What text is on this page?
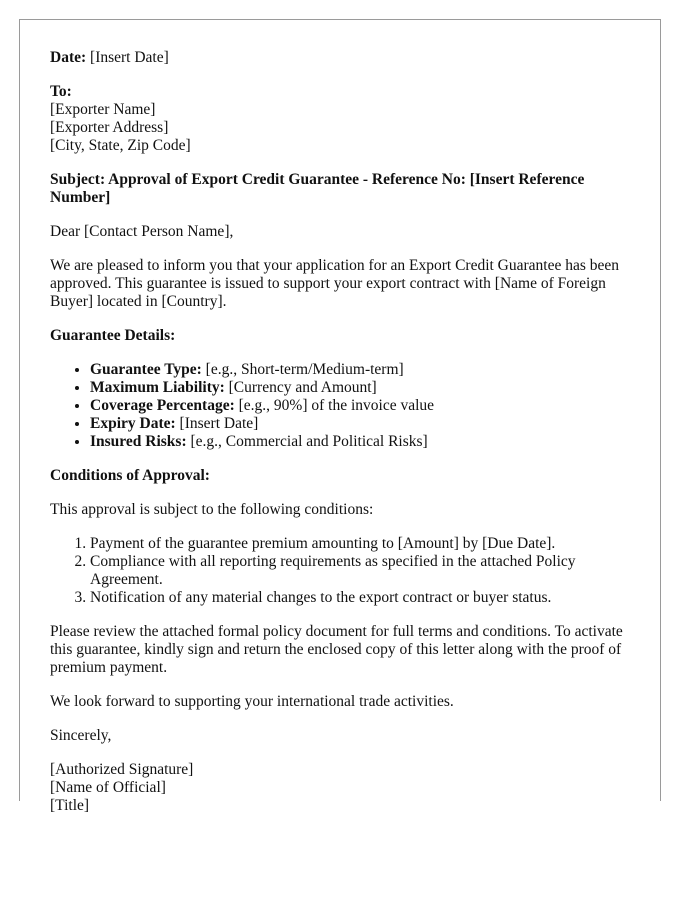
Date: [Insert Date]

To:
[Exporter Name]
[Exporter Address]
[City, State, Zip Code]

Subject: Approval of Export Credit Guarantee - Reference No: [Insert Reference Number]

Dear [Contact Person Name],

We are pleased to inform you that your application for an Export Credit Guarantee has been approved. This guarantee is issued to support your export contract with [Name of Foreign Buyer] located in [Country].

Guarantee Details:

• Guarantee Type: [e.g., Short-term/Medium-term]
• Maximum Liability: [Currency and Amount]
• Coverage Percentage: [e.g., 90%] of the invoice value
• Expiry Date: [Insert Date]
• Insured Risks: [e.g., Commercial and Political Risks]

Conditions of Approval:

This approval is subject to the following conditions:

1. Payment of the guarantee premium amounting to [Amount] by [Due Date].
2. Compliance with all reporting requirements as specified in the attached Policy Agreement.
3. Notification of any material changes to the export contract or buyer status.

Please review the attached formal policy document for full terms and conditions. To activate this guarantee, kindly sign and return the enclosed copy of this letter along with the proof of premium payment.

We look forward to supporting your international trade activities.

Sincerely,

[Authorized Signature]
[Name of Official]
[Title]
